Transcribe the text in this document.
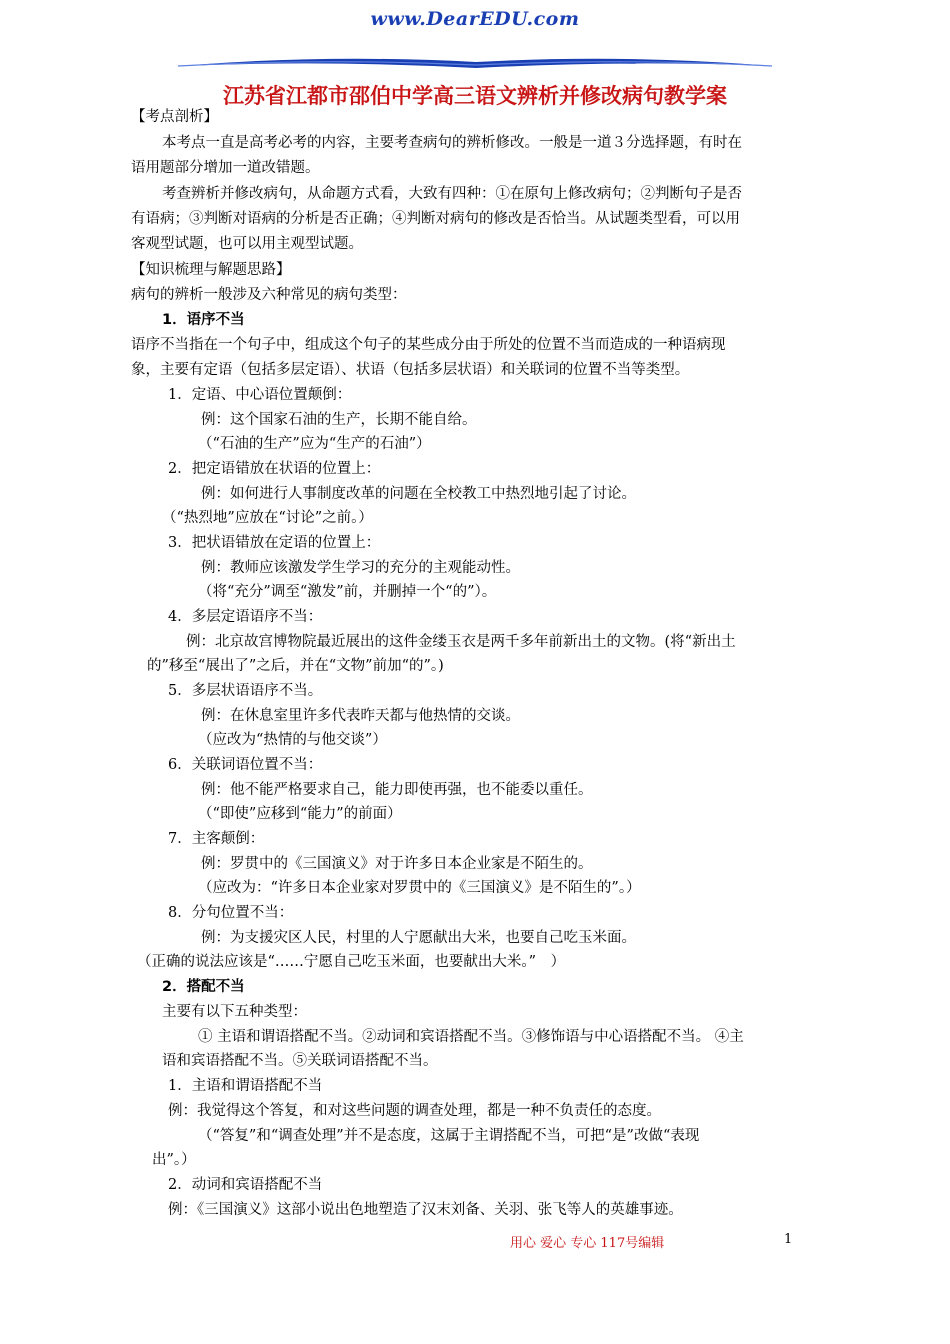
www.DearEDU.com
江苏省江都市邵伯中学高三语文辨析并修改病句教学案
【考点剖析】
本考点一直是高考必考的内容，主要考查病句的辨析修改。一般是一道３分选择题，有时在
语用题部分增加一道改错题。
考查辨析并修改病句，从命题方式看，大致有四种：①在原句上修改病句；②判断句子是否
有语病；③判断对语病的分析是否正确；④判断对病句的修改是否恰当。从试题类型看，可以用
客观型试题，也可以用主观型试题。
【知识梳理与解题思路】
病句的辨析一般涉及六种常见的病句类型：
1．语序不当
语序不当指在一个句子中，组成这个句子的某些成分由于所处的位置不当而造成的一种语病现
象，主要有定语（包括多层定语）、状语（包括多层状语）和关联词的位置不当等类型。
1．定语、中心语位置颠倒：
例：这个国家石油的生产，长期不能自给。
（“石油的生产”应为“生产的石油”）
2．把定语错放在状语的位置上：
例：如何进行人事制度改革的问题在全校教工中热烈地引起了讨论。
（“热烈地”应放在“讨论”之前。）
3．把状语错放在定语的位置上：
例：教师应该激发学生学习的充分的主观能动性。
（将“充分”调至“激发”前，并删掉一个“的”）。
4．多层定语语序不当：
例：北京故宫博物院最近展出的这件金缕玉衣是两千多年前新出土的文物。(将“新出土
的”移至“展出了”之后，并在“文物”前加“的”。)
5．多层状语语序不当。
例：在休息室里许多代表昨天都与他热情的交谈。
（应改为“热情的与他交谈”）
6．关联词语位置不当：
例：他不能严格要求自己，能力即使再强，也不能委以重任。
（“即使”应移到“能力”的前面）
7．主客颠倒：
例：罗贯中的《三国演义》对于许多日本企业家是不陌生的。
（应改为：“许多日本企业家对罗贯中的《三国演义》是不陌生的”。）
8．分句位置不当：
例：为支援灾区人民，村里的人宁愿献出大米，也要自己吃玉米面。
（正确的说法应该是“……宁愿自己吃玉米面，也要献出大米。”　）
2．搭配不当
主要有以下五种类型：
① 主语和谓语搭配不当。②动词和宾语搭配不当。③修饰语与中心语搭配不当。 ④主
语和宾语搭配不当。⑤关联词语搭配不当。
1．主语和谓语搭配不当
例：我觉得这个答复，和对这些问题的调查处理，都是一种不负责任的态度。
（“答复”和“调查处理”并不是态度，这属于主谓搭配不当，可把“是”改做“表现
出”。）
2．动词和宾语搭配不当
例：《三国演义》这部小说出色地塑造了汉末刘备、关羽、张飞等人的英雄事迹。
用心 爱心 专心 117号编辑	1
